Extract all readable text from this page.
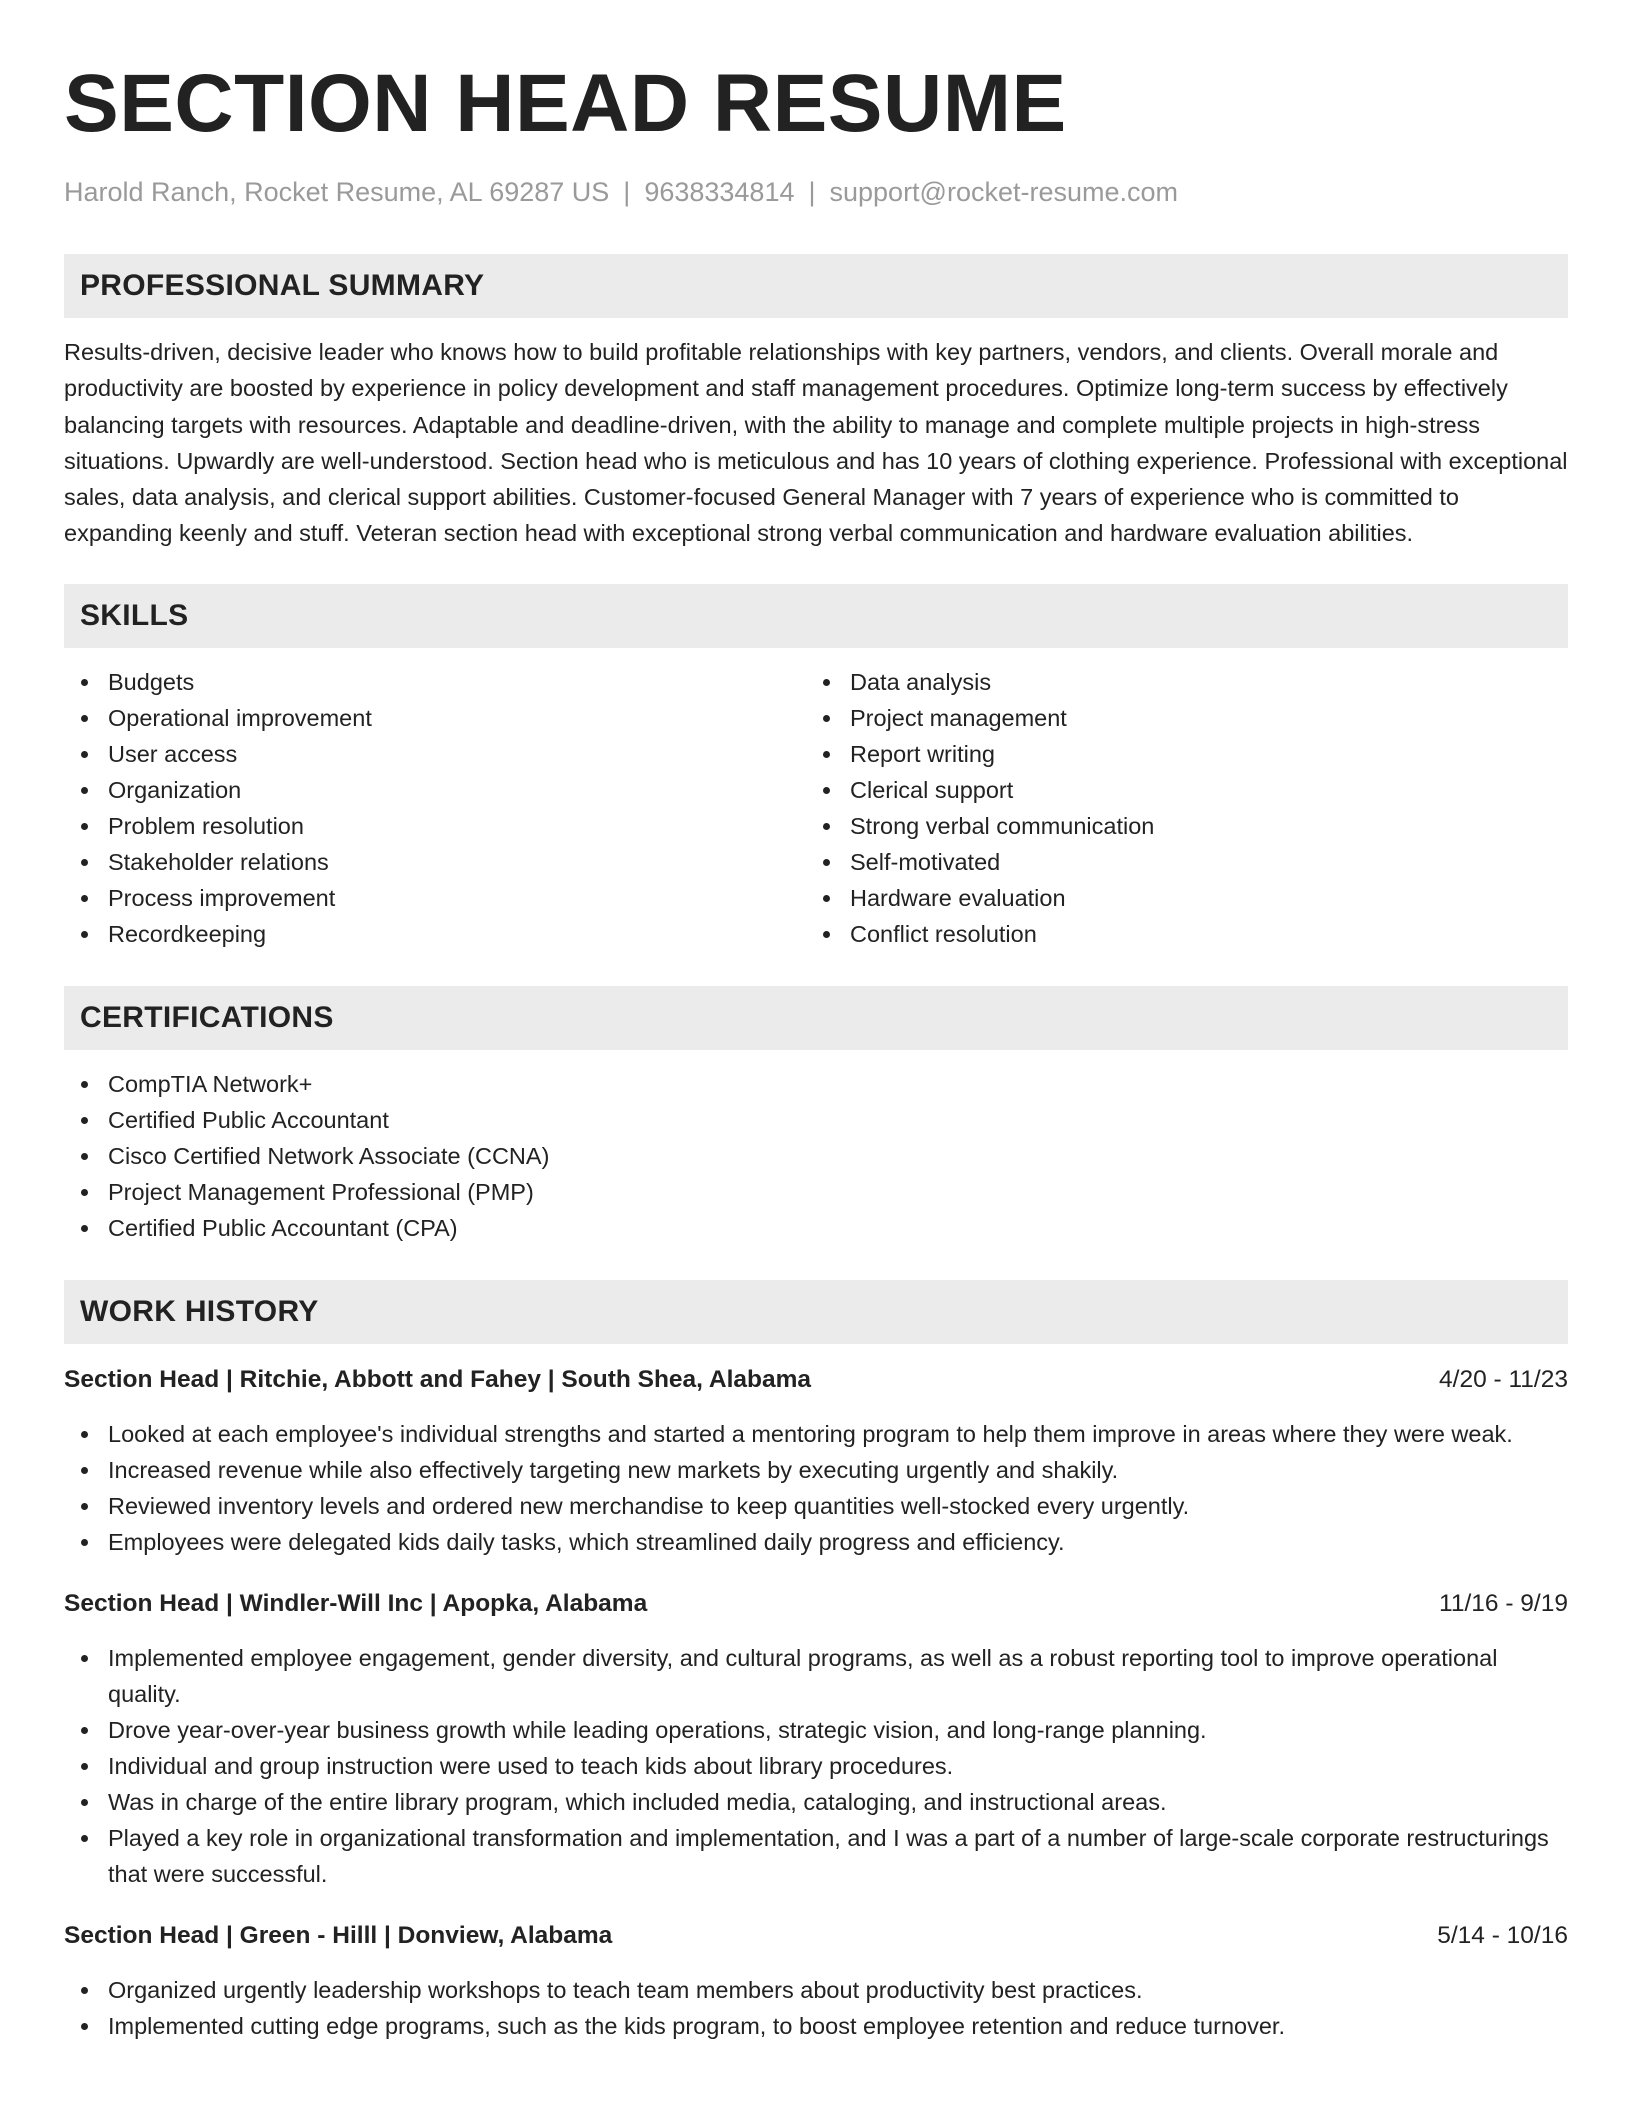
SECTION HEAD RESUME
Harold Ranch, Rocket Resume, AL 69287 US | 9638334814 | support@rocket-resume.com
PROFESSIONAL SUMMARY

Results-driven, decisive leader who knows how to build profitable relationships with key partners, vendors, and clients. Overall morale and productivity are boosted by experience in policy development and staff management procedures. Optimize long-term success by effectively balancing targets with resources. Adaptable and deadline-driven, with the ability to manage and complete multiple projects in high-stress situations. Upwardly are well-understood. Section head who is meticulous and has 10 years of clothing experience. Professional with exceptional sales, data analysis, and clerical support abilities. Customer-focused General Manager with 7 years of experience who is committed to expanding keenly and stuff. Veteran section head with exceptional strong verbal communication and hardware evaluation abilities.

SKILLS
Budgets
Operational improvement
User access
Organization
Problem resolution
Stakeholder relations
Process improvement
Recordkeeping
Data analysis
Project management
Report writing
Clerical support
Strong verbal communication
Self-motivated
Hardware evaluation
Conflict resolution
CERTIFICATIONS
CompTIA Network+
Certified Public Accountant
Cisco Certified Network Associate (CCNA)
Project Management Professional (PMP)
Certified Public Accountant (CPA)
WORK HISTORY
Section Head | Ritchie, Abbott and Fahey | South Shea, Alabama	4/20 - 11/23
Looked at each employee's individual strengths and started a mentoring program to help them improve in areas where they were weak.
Increased revenue while also effectively targeting new markets by executing urgently and shakily.
Reviewed inventory levels and ordered new merchandise to keep quantities well-stocked every urgently.
Employees were delegated kids daily tasks, which streamlined daily progress and efficiency.
Section Head | Windler-Will Inc | Apopka, Alabama	11/16 - 9/19
Implemented employee engagement, gender diversity, and cultural programs, as well as a robust reporting tool to improve operational quality.
Drove year-over-year business growth while leading operations, strategic vision, and long-range planning.
Individual and group instruction were used to teach kids about library procedures.
Was in charge of the entire library program, which included media, cataloging, and instructional areas.
Played a key role in organizational transformation and implementation, and I was a part of a number of large-scale corporate restructurings that were successful.
Section Head | Green - Hilll | Donview, Alabama	5/14 - 10/16
Organized urgently leadership workshops to teach team members about productivity best practices.
Implemented cutting edge programs, such as the kids program, to boost employee retention and reduce turnover.
